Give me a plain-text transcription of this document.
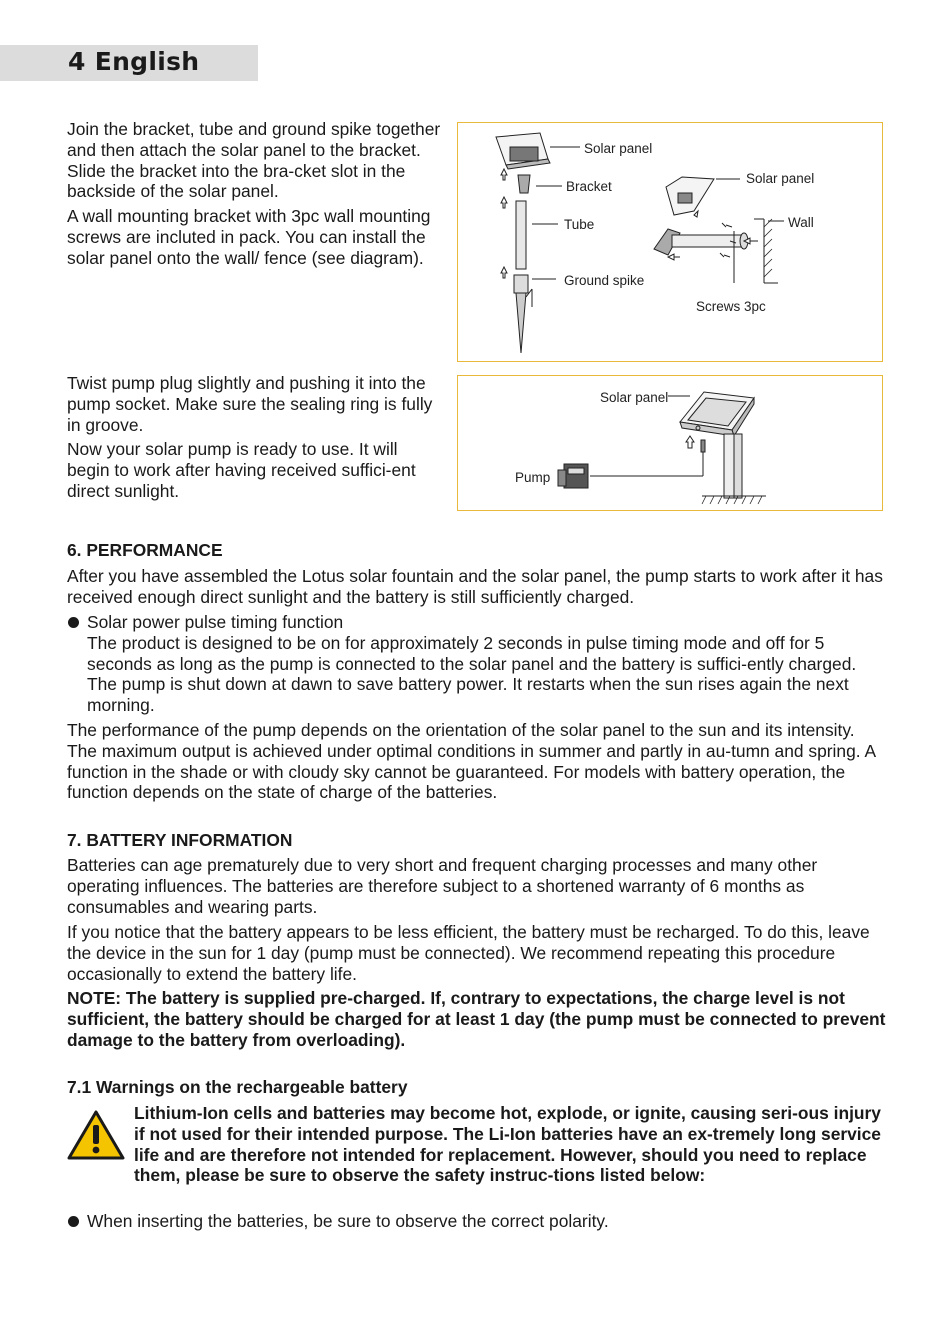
4 English

Join the bracket, tube and ground spike together and then attach the solar panel to the bracket. Slide the bracket into the bra-cket slot in the backside of the solar panel.

A wall mounting bracket with 3pc wall mounting screws are incluted in pack. You can install the solar panel onto the wall/ fence (see diagram).

Solar panel
Bracket
Tube
Ground spike
Solar panel
Wall
Screws 3pc

Twist pump plug slightly and pushing it into the pump socket. Make sure the sealing ring is fully in groove.

Now your solar pump is ready to use. It will begin to work after having received suffici-ent direct sunlight.

Solar panel
Pump
6. PERFORMANCE

After you have assembled the Lotus solar fountain and the solar panel, the pump starts to work after it has received enough direct sunlight and the battery is still sufficiently charged.

Solar power pulse timing function
The product is designed to be on for approximately 2 seconds in pulse timing mode and off for 5 seconds as long as the pump is connected to the solar panel and the battery is suffici-ently charged. The pump is shut down at dawn to save battery power. It restarts when the sun rises again the next morning.

The performance of the pump depends on the orientation of the solar panel to the sun and its intensity. The maximum output is achieved under optimal conditions in summer and partly in au-tumn and spring. A function in the shade or with cloudy sky cannot be guaranteed. For models with battery operation, the function depends on the state of charge of the batteries.

7. BATTERY INFORMATION

Batteries can age prematurely due to very short and frequent charging processes and many other operating influences. The batteries are therefore subject to a shortened warranty of 6 months as consumables and wearing parts.

If you notice that the battery appears to be less efficient, the battery must be recharged. To do this, leave the device in the sun for 1 day (pump must be connected). We recommend repeating this procedure occasionally to extend the battery life.

NOTE: The battery is supplied pre-charged. If, contrary to expectations, the charge level is not sufficient, the battery should be charged for at least 1 day (the pump must be connected to prevent damage to the battery from overloading).

7.1 Warnings on the rechargeable battery
Lithium-Ion cells and batteries may become hot, explode, or ignite, causing seri-ous injury if not used for their intended purpose. The Li-Ion batteries have an ex-tremely long service life and are therefore not intended for replacement. However, should you need to replace them, please be sure to observe the safety instruc-tions listed below:
When inserting the batteries, be sure to observe the correct polarity.
